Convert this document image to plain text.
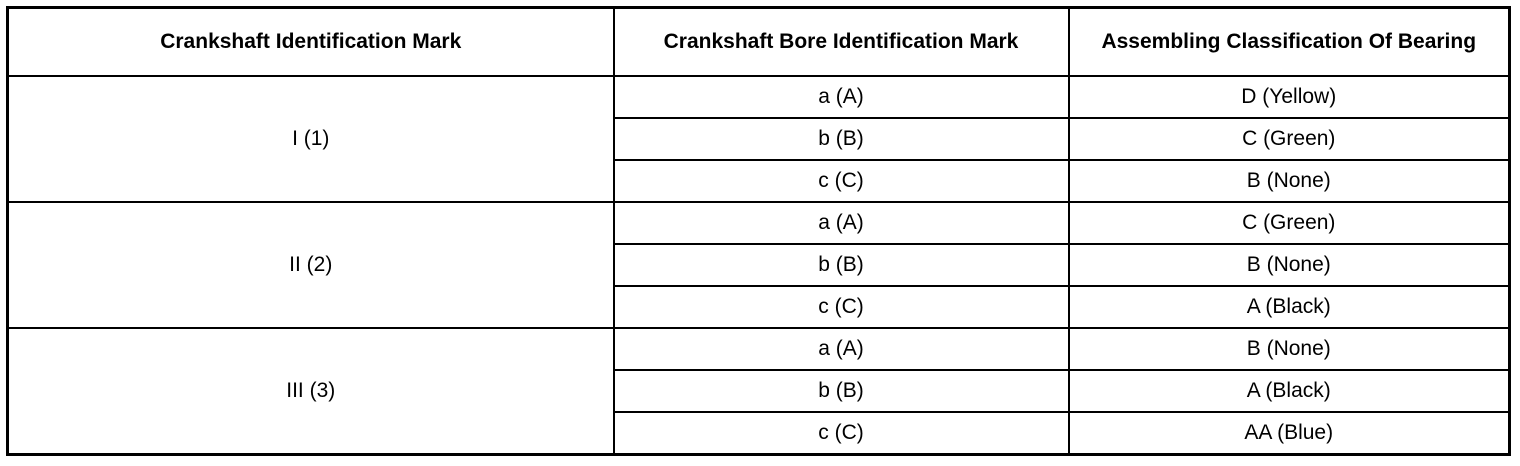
Crankshaft Identification Mark	Crankshaft Bore Identification Mark	Assembling Classification Of Bearing
I (1)	a (A)	D (Yellow)
	b (B)	C (Green)
	c (C)	B (None)
II (2)	a (A)	C (Green)
	b (B)	B (None)
	c (C)	A (Black)
III (3)	a (A)	B (None)
	b (B)	A (Black)
	c (C)	AA (Blue)
